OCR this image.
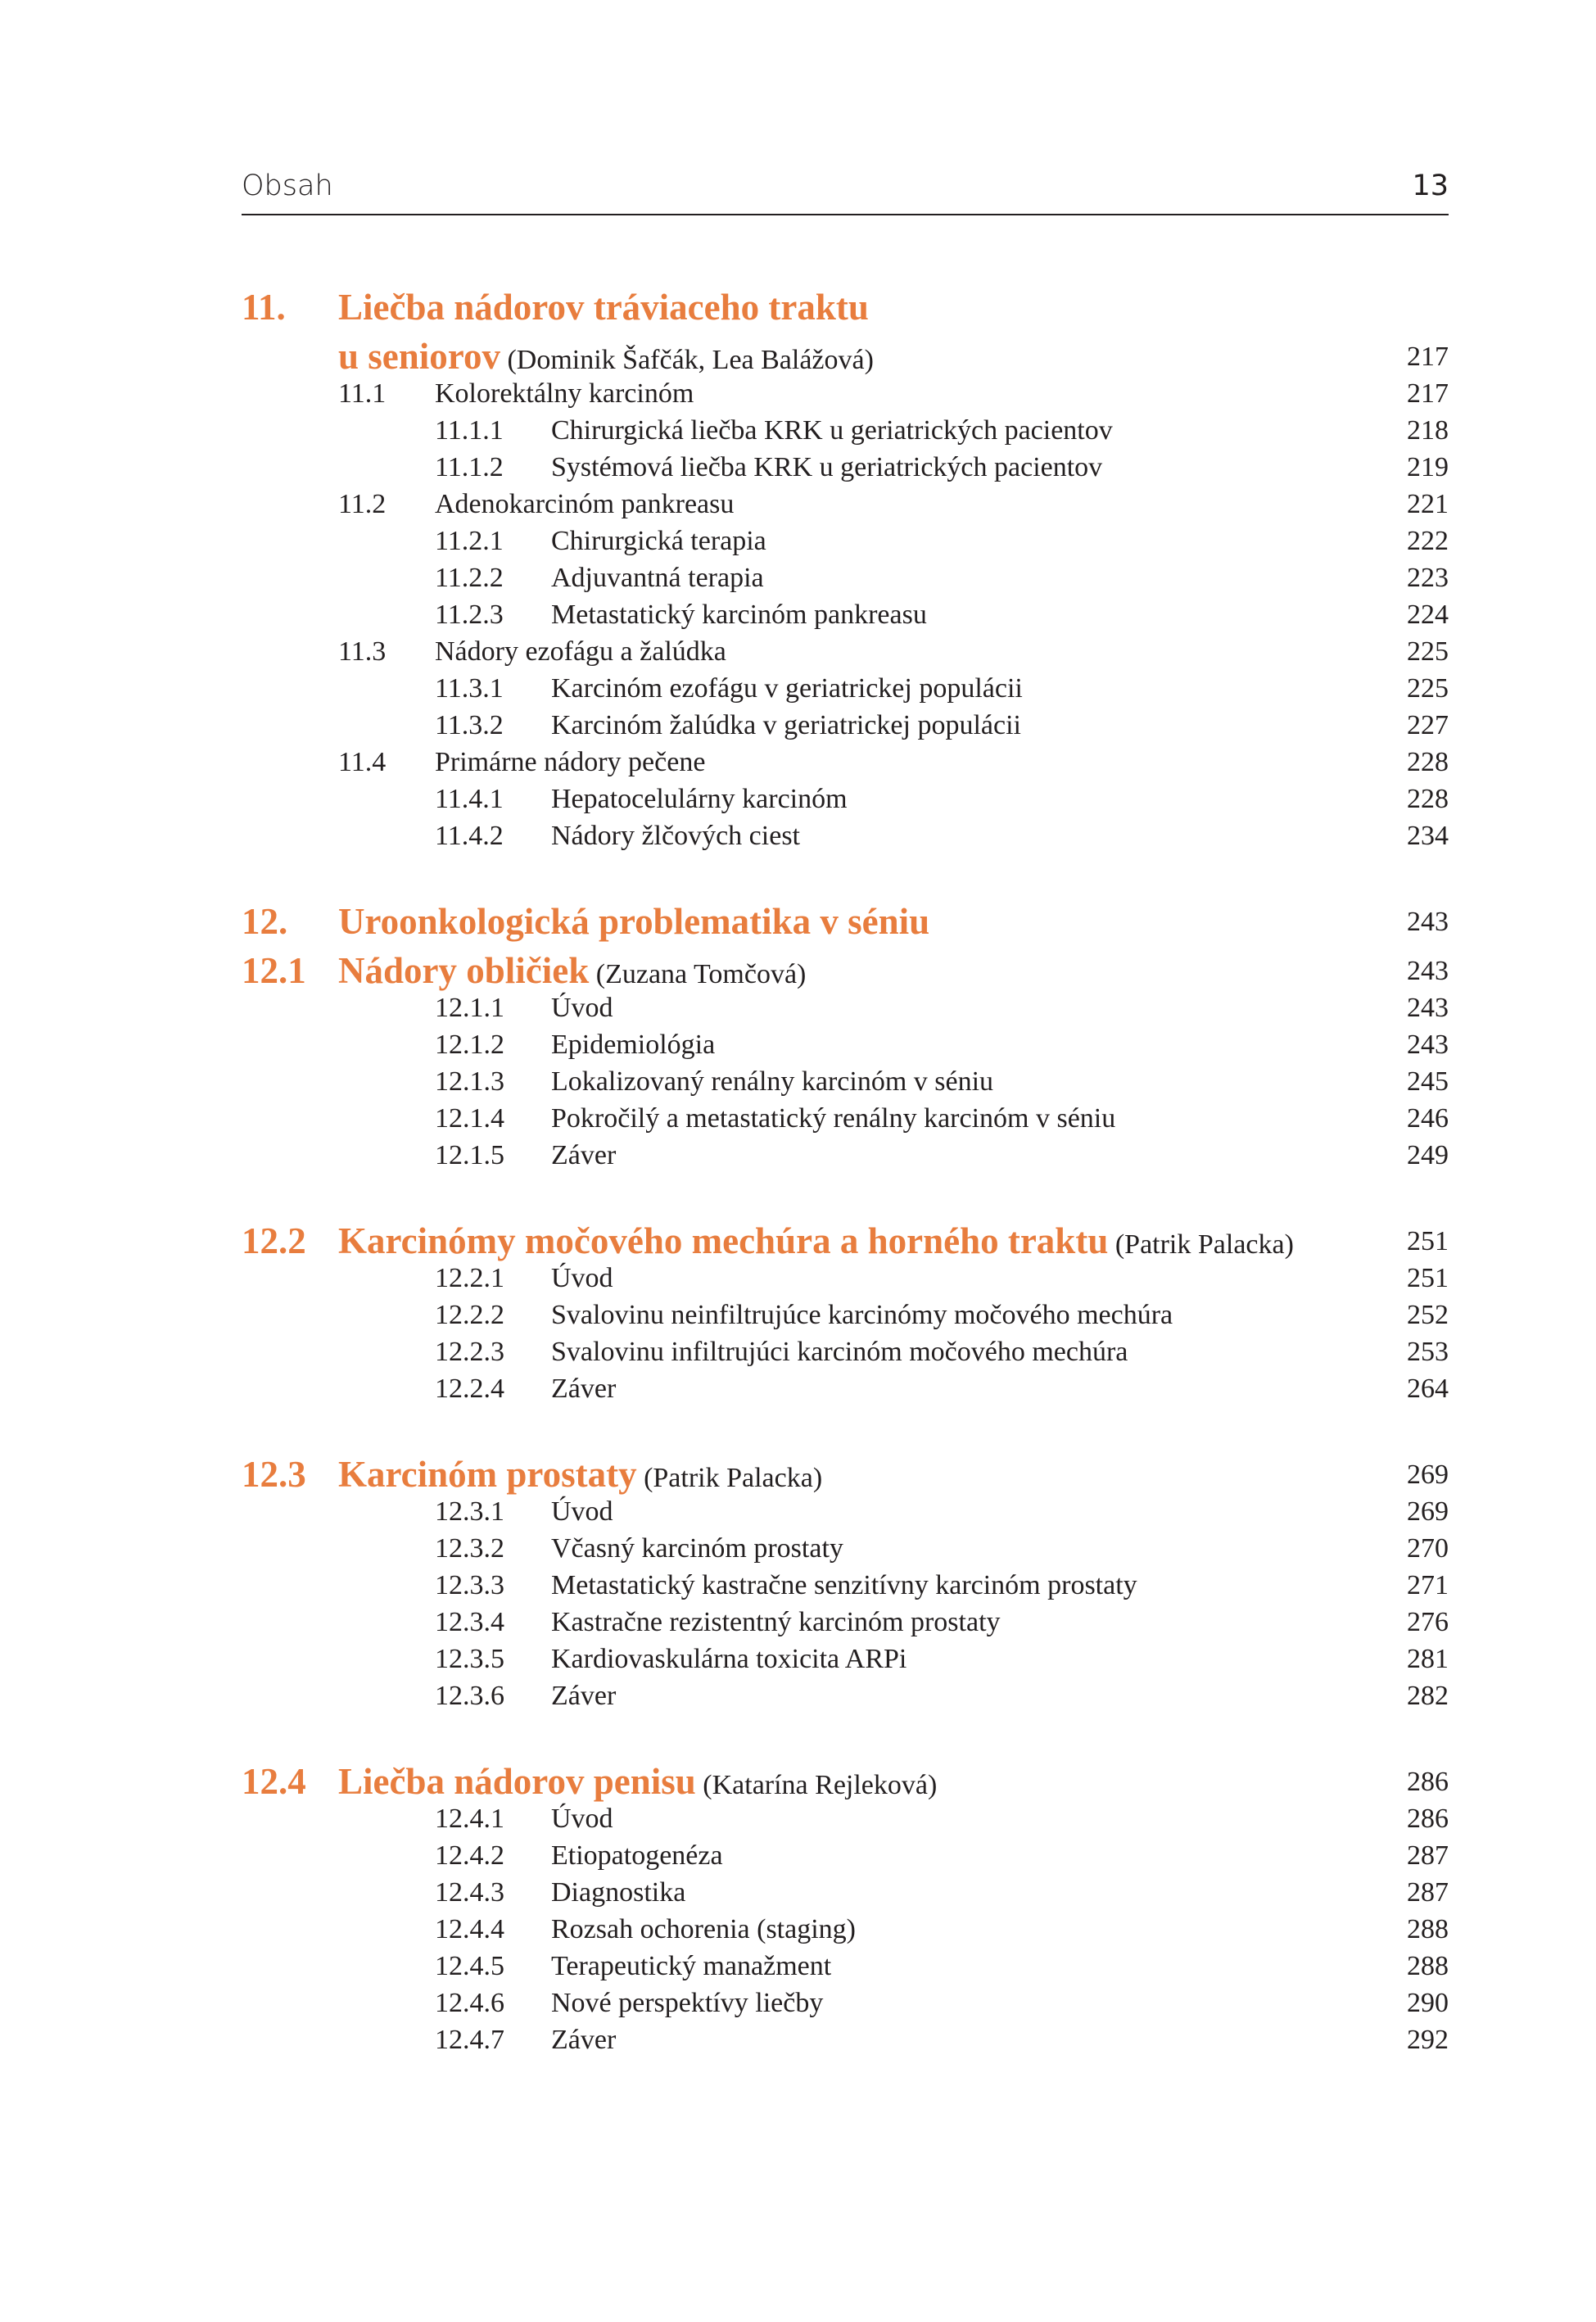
Obsah	13
11. Liečba nádorov tráviaceho traktu
u seniorov (Dominik Šafčák, Lea Balážová)	217
11.1 Kolorektálny karcinóm	217
11.1.1 Chirurgická liečba KRK u geriatrických pacientov	218
11.1.2 Systémová liečba KRK u geriatrických pacientov	219
11.2 Adenokarcinóm pankreasu	221
11.2.1 Chirurgická terapia	222
11.2.2 Adjuvantná terapia	223
11.2.3 Metastatický karcinóm pankreasu	224
11.3 Nádory ezofágu a žalúdka	225
11.3.1 Karcinóm ezofágu v geriatrickej populácii	225
11.3.2 Karcinóm žalúdka v geriatrickej populácii	227
11.4 Primárne nádory pečene	228
11.4.1 Hepatocelulárny karcinóm	228
11.4.2 Nádory žlčových ciest	234
12. Uroonkologická problematika v séniu	243
12.1 Nádory obličiek (Zuzana Tomčová)	243
12.1.1 Úvod	243
12.1.2 Epidemiológia	243
12.1.3 Lokalizovaný renálny karcinóm v séniu	245
12.1.4 Pokročilý a metastatický renálny karcinóm v séniu	246
12.1.5 Záver	249
12.2 Karcinómy močového mechúra a horného traktu (Patrik Palacka)	251
12.2.1 Úvod	251
12.2.2 Svalovinu neinfiltrujúce karcinómy močového mechúra	252
12.2.3 Svalovinu infiltrujúci karcinóm močového mechúra	253
12.2.4 Záver	264
12.3 Karcinóm prostaty (Patrik Palacka)	269
12.3.1 Úvod	269
12.3.2 Včasný karcinóm prostaty	270
12.3.3 Metastatický kastračne senzitívny karcinóm prostaty	271
12.3.4 Kastračne rezistentný karcinóm prostaty	276
12.3.5 Kardiovaskulárna toxicita ARPi	281
12.3.6 Záver	282
12.4 Liečba nádorov penisu (Katarína Rejleková)	286
12.4.1 Úvod	286
12.4.2 Etiopatogenéza	287
12.4.3 Diagnostika	287
12.4.4 Rozsah ochorenia (staging)	288
12.4.5 Terapeutický manažment	288
12.4.6 Nové perspektívy liečby	290
12.4.7 Záver	292
